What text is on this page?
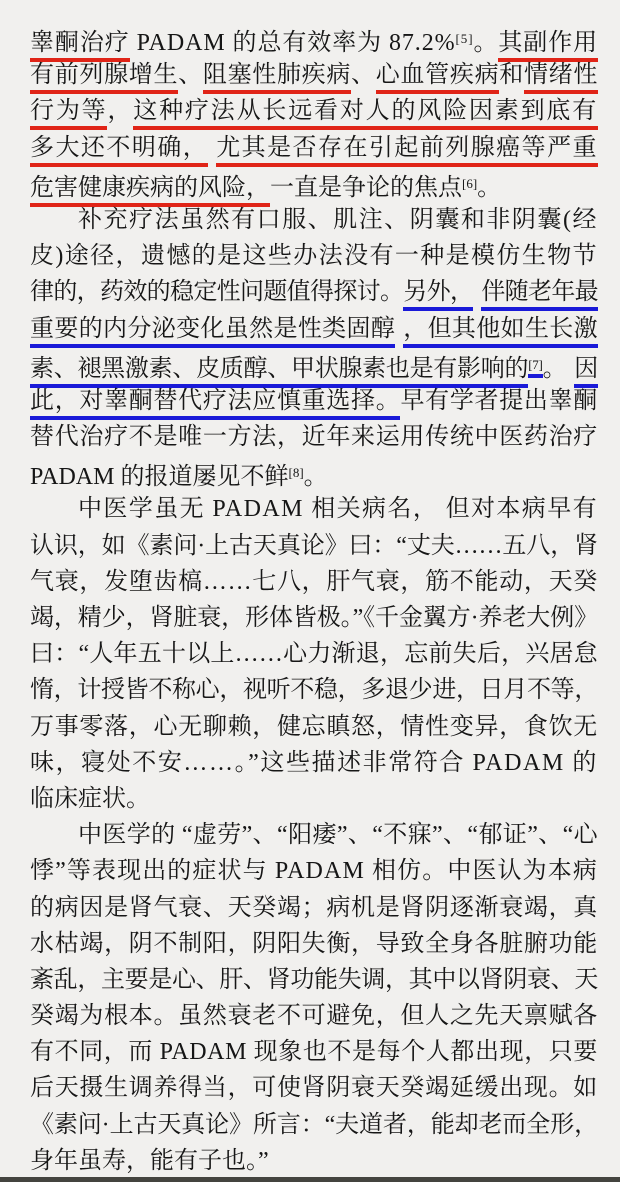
睾酮治疗 PADAM 的总有效率为 87.2%[5]。其副作用
有前列腺增生、阻塞性肺疾病、心血管疾病和情绪性
行为等，这种疗法从长远看对人的风险因素到底有
多大还不明确， 尤其是否存在引起前列腺癌等严重
危害健康疾病的风险，一直是争论的焦点[6]。
补充疗法虽然有口服、肌注、阴囊和非阴囊(经
皮)途径，遗憾的是这些办法没有一种是模仿生物节
律的，药效的稳定性问题值得探讨。另外， 伴随老年最
重要的内分泌变化虽然是性类固醇 ，但其他如生长激
素、褪黑激素、皮质醇、甲状腺素也是有影响的[7]。 因
此，对睾酮替代疗法应慎重选择。早有学者提出睾酮
替代治疗不是唯一方法，近年来运用传统中医药治疗
PADAM 的报道屡见不鲜[8]。
中医学虽无 PADAM 相关病名， 但对本病早有
认识，如《素问·上古天真论》曰：“丈夫……五八，肾
气衰，发堕齿槁……七八，肝气衰，筋不能动，天癸
竭，精少，肾脏衰，形体皆极。”《千金翼方·养老大例》
曰：“人年五十以上……心力渐退，忘前失后，兴居怠
惰，计授皆不称心，视听不稳，多退少进，日月不等，
万事零落，心无聊赖，健忘瞋怒，情性变异，食饮无
味，寝处不安……。”这些描述非常符合 PADAM 的
临床症状。
中医学的 “虚劳”、“阳痿”、“不寐”、“郁证”、“心
悸”等表现出的症状与 PADAM 相仿。中医认为本病
的病因是肾气衰、天癸竭；病机是肾阴逐渐衰竭，真
水枯竭，阴不制阳，阴阳失衡，导致全身各脏腑功能
紊乱，主要是心、肝、肾功能失调，其中以肾阴衰、天
癸竭为根本。虽然衰老不可避免，但人之先天禀赋各
有不同，而 PADAM 现象也不是每个人都出现，只要
后天摄生调养得当，可使肾阴衰天癸竭延缓出现。如
《素问·上古天真论》所言：“夫道者，能却老而全形，
身年虽寿，能有子也。”
